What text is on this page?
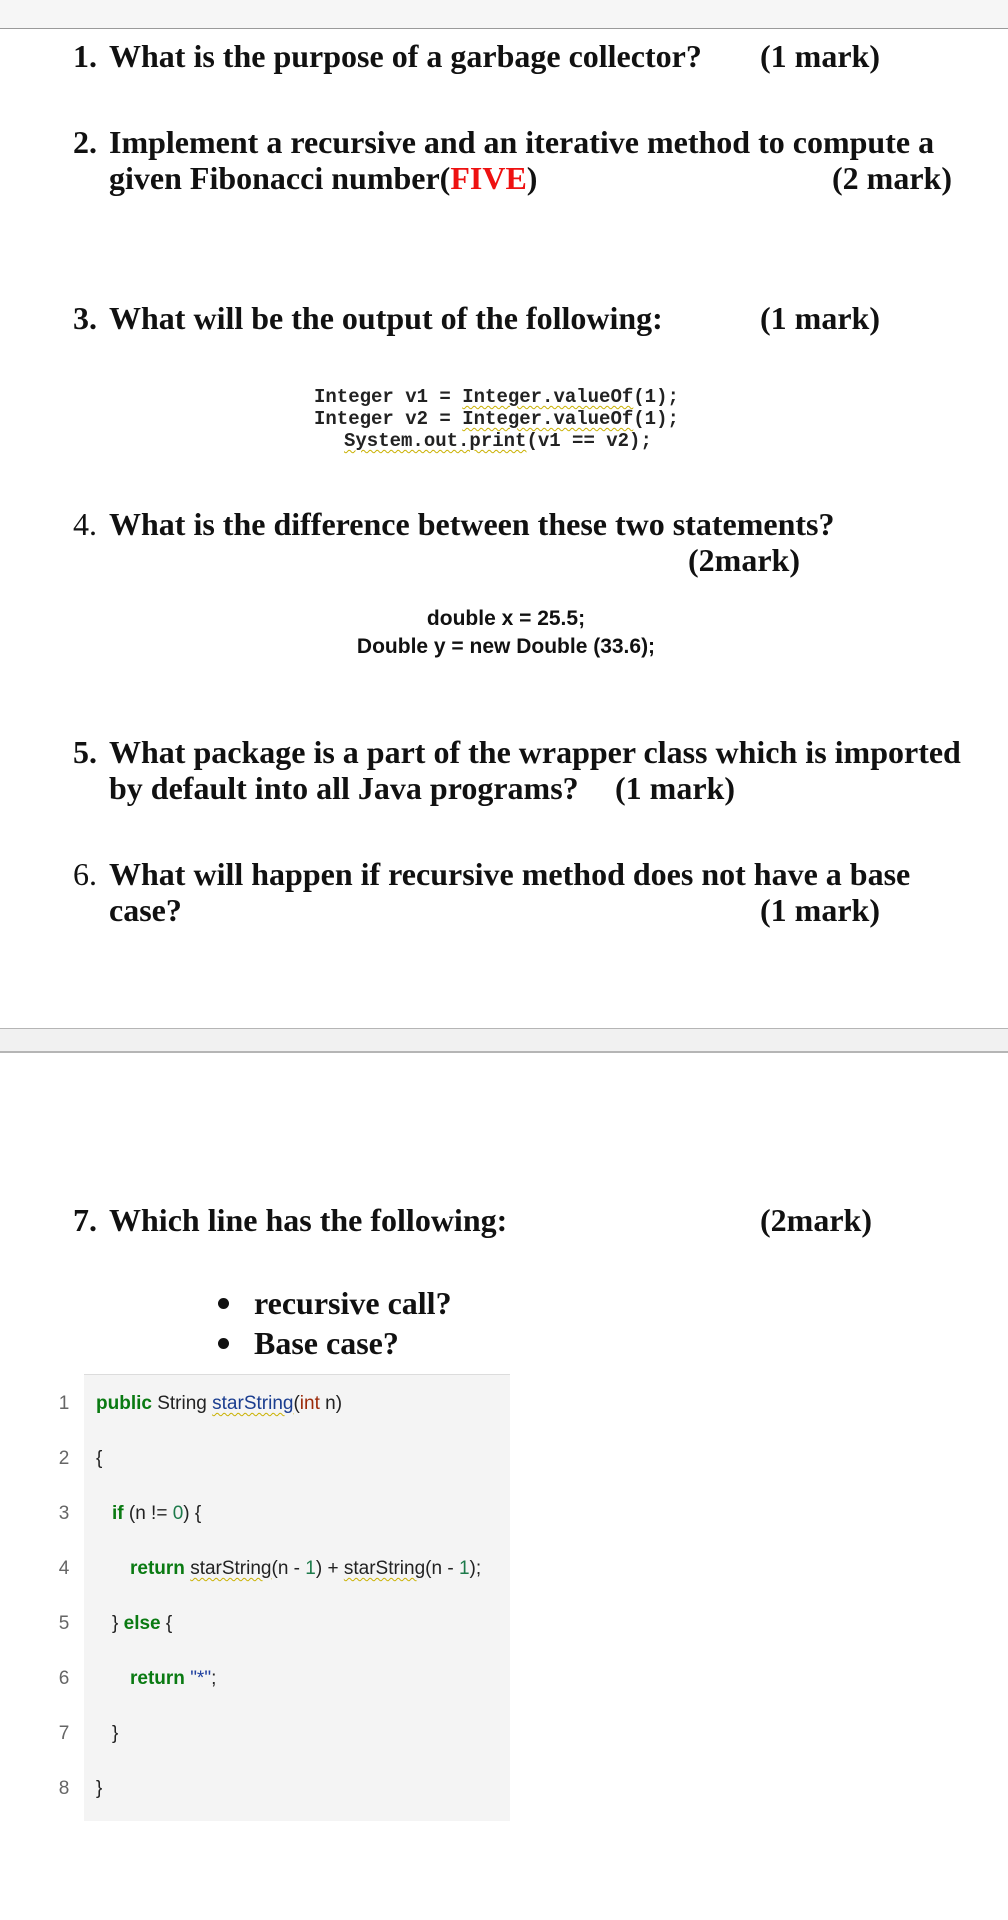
1. What is the purpose of a garbage collector? (1 mark)
2. Implement a recursive and an iterative method to compute a
given Fibonacci number(FIVE)	(2 mark)
3. What will be the output of the following:	(1 mark)
Integer v1 = Integer.valueOf(1);
Integer v2 = Integer.valueOf(1);
System.out.print(v1 == v2);
4. What is the difference between these two statements?
(2mark)
double x = 25.5;
Double y = new Double (33.6);
5. What package is a part of the wrapper class which is imported
by default into all Java programs?	(1 mark)
6. What will happen if recursive method does not have a base
case?	(1 mark)
7. Which line has the following:	(2mark)
recursive call?
Base case?
1
2
3
4
5
6
7
8
public String starString(int n)
{
if (n != 0) {
return starString(n - 1) + starString(n - 1);
} else {
return "*";
}
}
